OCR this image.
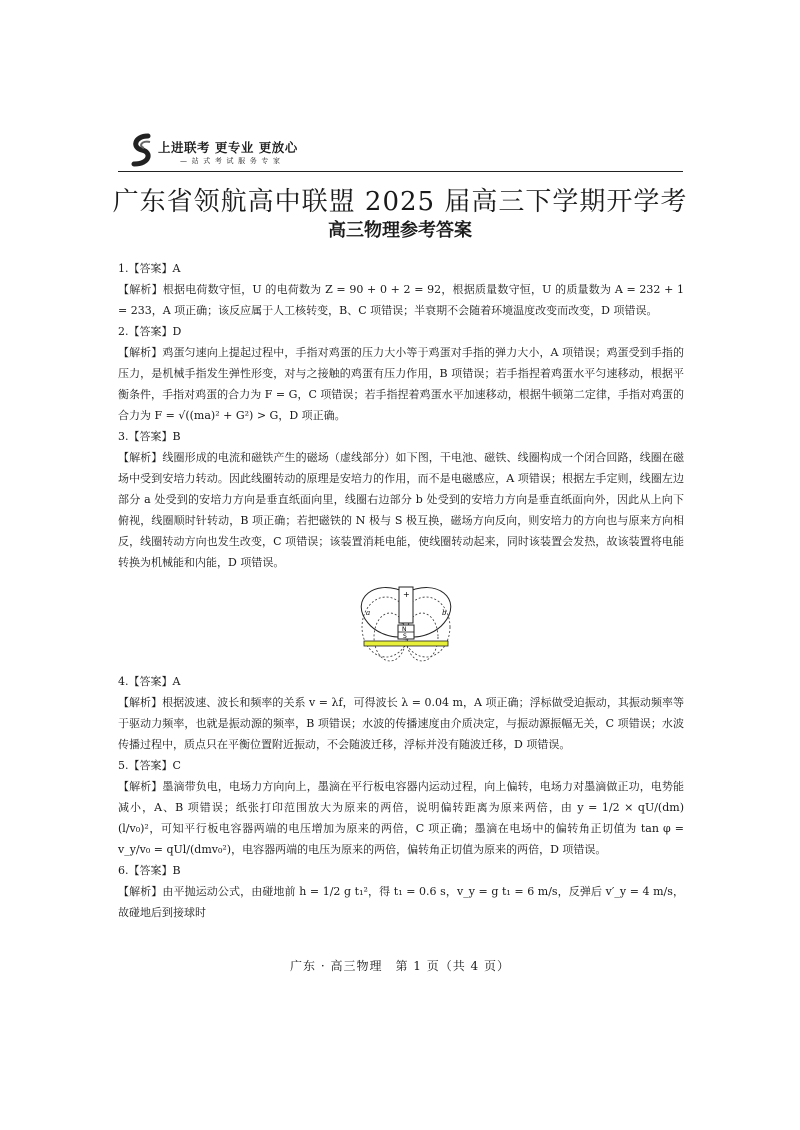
上进联考 更专业 更放心
— 站 式 考 试 服 务 专 家
广东省领航高中联盟 2025 届高三下学期开学考
高三物理参考答案
1.【答案】A
【解析】根据电荷数守恒，U 的电荷数为 Z = 90 + 0 + 2 = 92，根据质量数守恒，U 的质量数为 A = 232 + 1 = 233，A 项正确；该反应属于人工核转变，B、C 项错误；半衰期不会随着环境温度改变而改变，D 项错误。
2.【答案】D
【解析】鸡蛋匀速向上提起过程中，手指对鸡蛋的压力大小等于鸡蛋对手指的弹力大小，A 项错误；鸡蛋受到手指的压力，是机械手指发生弹性形变，对与之接触的鸡蛋有压力作用，B 项错误；若手指捏着鸡蛋水平匀速移动，根据平衡条件，手指对鸡蛋的合力为 F = G，C 项错误；若手指捏着鸡蛋水平加速移动，根据牛顿第二定律，手指对鸡蛋的合力为 F = √((ma)² + G²) > G，D 项正确。
3.【答案】B
【解析】线圈形成的电流和磁铁产生的磁场（虚线部分）如下图，干电池、磁铁、线圈构成一个闭合回路，线圈在磁场中受到安培力转动。因此线圈转动的原理是安培力的作用，而不是电磁感应，A 项错误；根据左手定则，线圈左边部分 a 处受到的安培力方向是垂直纸面向里，线圈右边部分 b 处受到的安培力方向是垂直纸面向外，因此从上向下俯视，线圈顺时针转动，B 项正确；若把磁铁的 N 极与 S 极互换，磁场方向反向，则安培力的方向也与原来方向相反，线圈转动方向也发生改变，C 项错误；该装置消耗电能，使线圈转动起来，同时该装置会发热，故该装置将电能转换为机械能和内能，D 项错误。
+
N
S
a	b
4.【答案】A
【解析】根据波速、波长和频率的关系 v = λf，可得波长 λ = 0.04 m，A 项正确；浮标做受迫振动，其振动频率等于驱动力频率，也就是振动源的频率，B 项错误；水波的传播速度由介质决定，与振动源振幅无关，C 项错误；水波传播过程中，质点只在平衡位置附近振动，不会随波迁移，浮标并没有随波迁移，D 项错误。
5.【答案】C
【解析】墨滴带负电，电场力方向向上，墨滴在平行板电容器内运动过程，向上偏转，电场力对墨滴做正功，电势能减小，A、B 项错误；纸张打印范围放大为原来的两倍，说明偏转距离为原来两倍，由 y = 1/2 × qU/(dm) (l/v₀)²，可知平行板电容器两端的电压增加为原来的两倍，C 项正确；墨滴在电场中的偏转角正切值为 tan φ = v_y/v₀ = qUl/(dmv₀²)，电容器两端的电压为原来的两倍，偏转角正切值为原来的两倍，D 项错误。
6.【答案】B
【解析】由平抛运动公式，由碰地前 h = 1/2 g t₁²，得 t₁ = 0.6 s，v_y = g t₁ = 6 m/s，反弹后 v′_y = 4 m/s，故碰地后到接球时
广东 · 高三物理　第 1 页（共 4 页）
